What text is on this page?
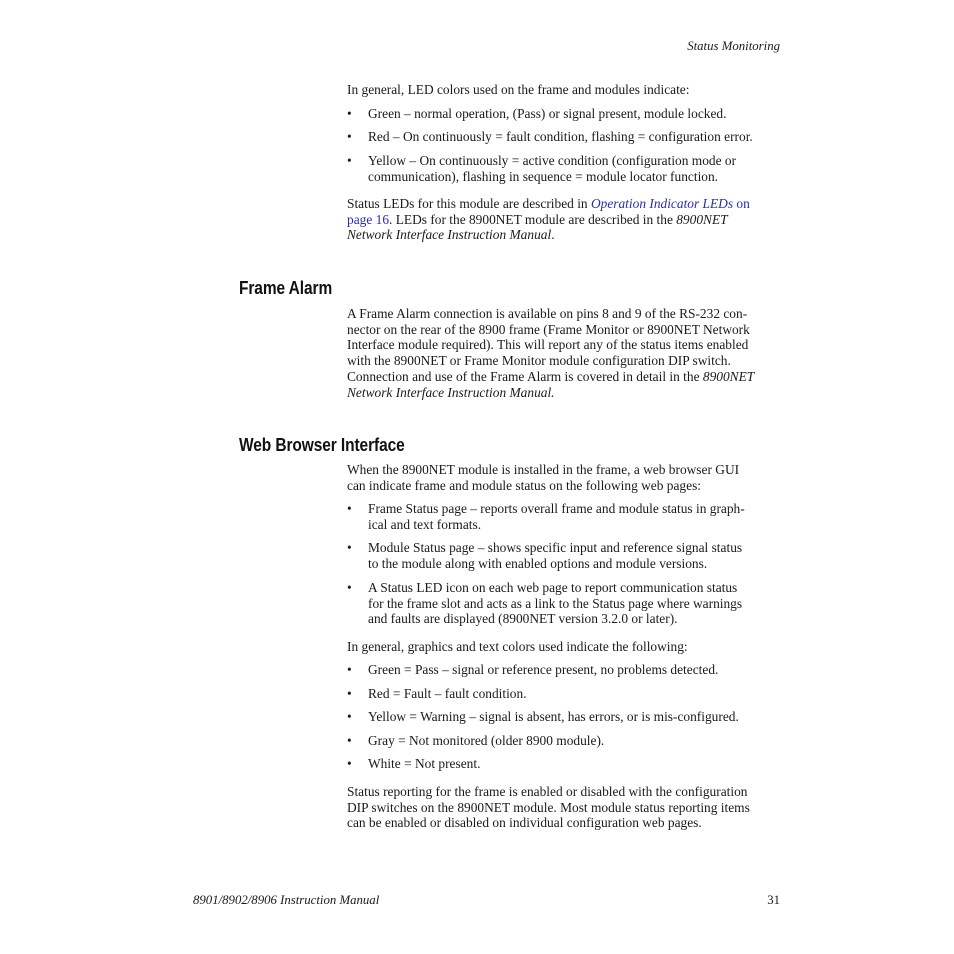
Status Monitoring
In general, LED colors used on the frame and modules indicate:
• Green – normal operation, (Pass) or signal present, module locked.
• Red – On continuously = fault condition, flashing = configuration error.
• Yellow – On continuously = active condition (configuration mode or
communication), flashing in sequence = module locator function.
Status LEDs for this module are described in Operation Indicator LEDs on
page 16. LEDs for the 8900NET module are described in the 8900NET
Network Interface Instruction Manual.
Frame Alarm
A Frame Alarm connection is available on pins 8 and 9 of the RS-232 con-
nector on the rear of the 8900 frame (Frame Monitor or 8900NET Network
Interface module required). This will report any of the status items enabled
with the 8900NET or Frame Monitor module configuration DIP switch.
Connection and use of the Frame Alarm is covered in detail in the 8900NET
Network Interface Instruction Manual.
Web Browser Interface
When the 8900NET module is installed in the frame, a web browser GUI
can indicate frame and module status on the following web pages:
• Frame Status page – reports overall frame and module status in graph-
ical and text formats.
• Module Status page – shows specific input and reference signal status
to the module along with enabled options and module versions.
• A Status LED icon on each web page to report communication status
for the frame slot and acts as a link to the Status page where warnings
and faults are displayed (8900NET version 3.2.0 or later).
In general, graphics and text colors used indicate the following:
• Green = Pass – signal or reference present, no problems detected.
• Red = Fault – fault condition.
• Yellow = Warning – signal is absent, has errors, or is mis-configured.
• Gray = Not monitored (older 8900 module).
• White = Not present.
Status reporting for the frame is enabled or disabled with the configuration
DIP switches on the 8900NET module. Most module status reporting items
can be enabled or disabled on individual configuration web pages.
8901/8902/8906 Instruction Manual	31
